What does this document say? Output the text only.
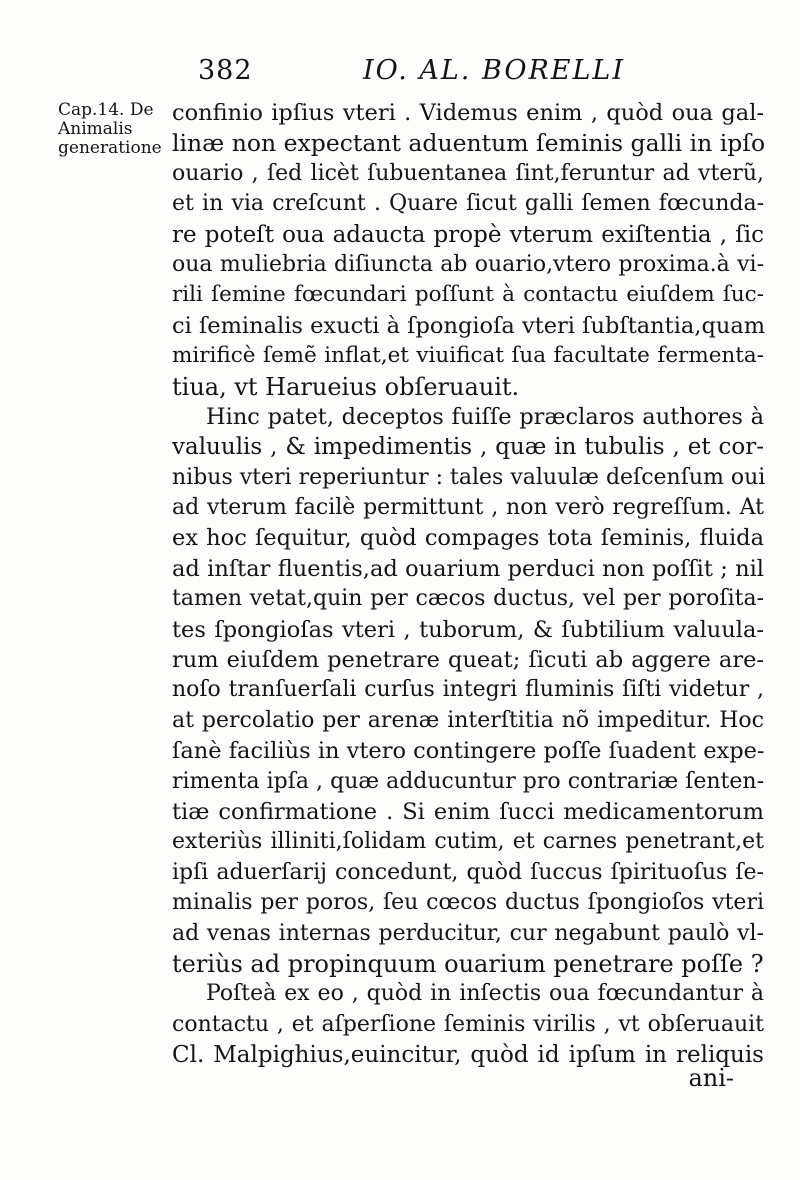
382	IO. AL. BORELLI
Cap.14. De
Animalis
generatione
confinio ipſius vteri . Videmus enim , quòd oua gal-
linæ non expectant aduentum ſeminis galli in ipſo
ouario , ſed licèt ſubuentanea ſint,feruntur ad vterũ,
et in via creſcunt . Quare ſicut galli ſemen fœcunda-
re poteſt oua adaucta propè vterum exiſtentia , ſic
oua muliebria diſiuncta ab ouario,vtero proxima.à vi-
rili ſemine fœcundari poſſunt à contactu eiuſdem ſuc-
ci ſeminalis exucti à ſpongioſa vteri ſubſtantia,quam
mirificè ſemẽ inflat,et viuificat ſua facultate fermenta-
tiua, vt Harueius obſeruauit.
Hinc patet, deceptos fuiſſe præclaros authores à
valuulis , & impedimentis , quæ in tubulis , et cor-
nibus vteri reperiuntur : tales valuulæ deſcenſum oui
ad vterum facilè permittunt , non verò regreſſum. At
ex hoc ſequitur, quòd compages tota ſeminis, fluida
ad inſtar fluentis,ad ouarium perduci non poſſit ; nil
tamen vetat,quin per cæcos ductus, vel per poroſita-
tes ſpongioſas vteri , tuborum, & ſubtilium valuula-
rum eiuſdem penetrare queat; ſicuti ab aggere are-
noſo tranſuerſali curſus integri fluminis ſiſti videtur ,
at percolatio per arenæ interſtitia nõ impeditur. Hoc
ſanè faciliùs in vtero contingere poſſe ſuadent expe-
rimenta ipſa , quæ adducuntur pro contrariæ ſenten-
tiæ confirmatione . Si enim ſucci medicamentorum
exteriùs illiniti,ſolidam cutim, et carnes penetrant,et
ipſi aduerſarij concedunt, quòd ſuccus ſpirituoſus ſe-
minalis per poros, ſeu cœcos ductus ſpongioſos vteri
ad venas internas perducitur, cur negabunt paulò vl-
teriùs ad propinquum ouarium penetrare poſſe ?
Poſteà ex eo , quòd in inſectis oua fœcundantur à
contactu , et aſperſione ſeminis virilis , vt obſeruauit
Cl. Malpighius,euincitur, quòd id ipſum in reliquis
ani-
